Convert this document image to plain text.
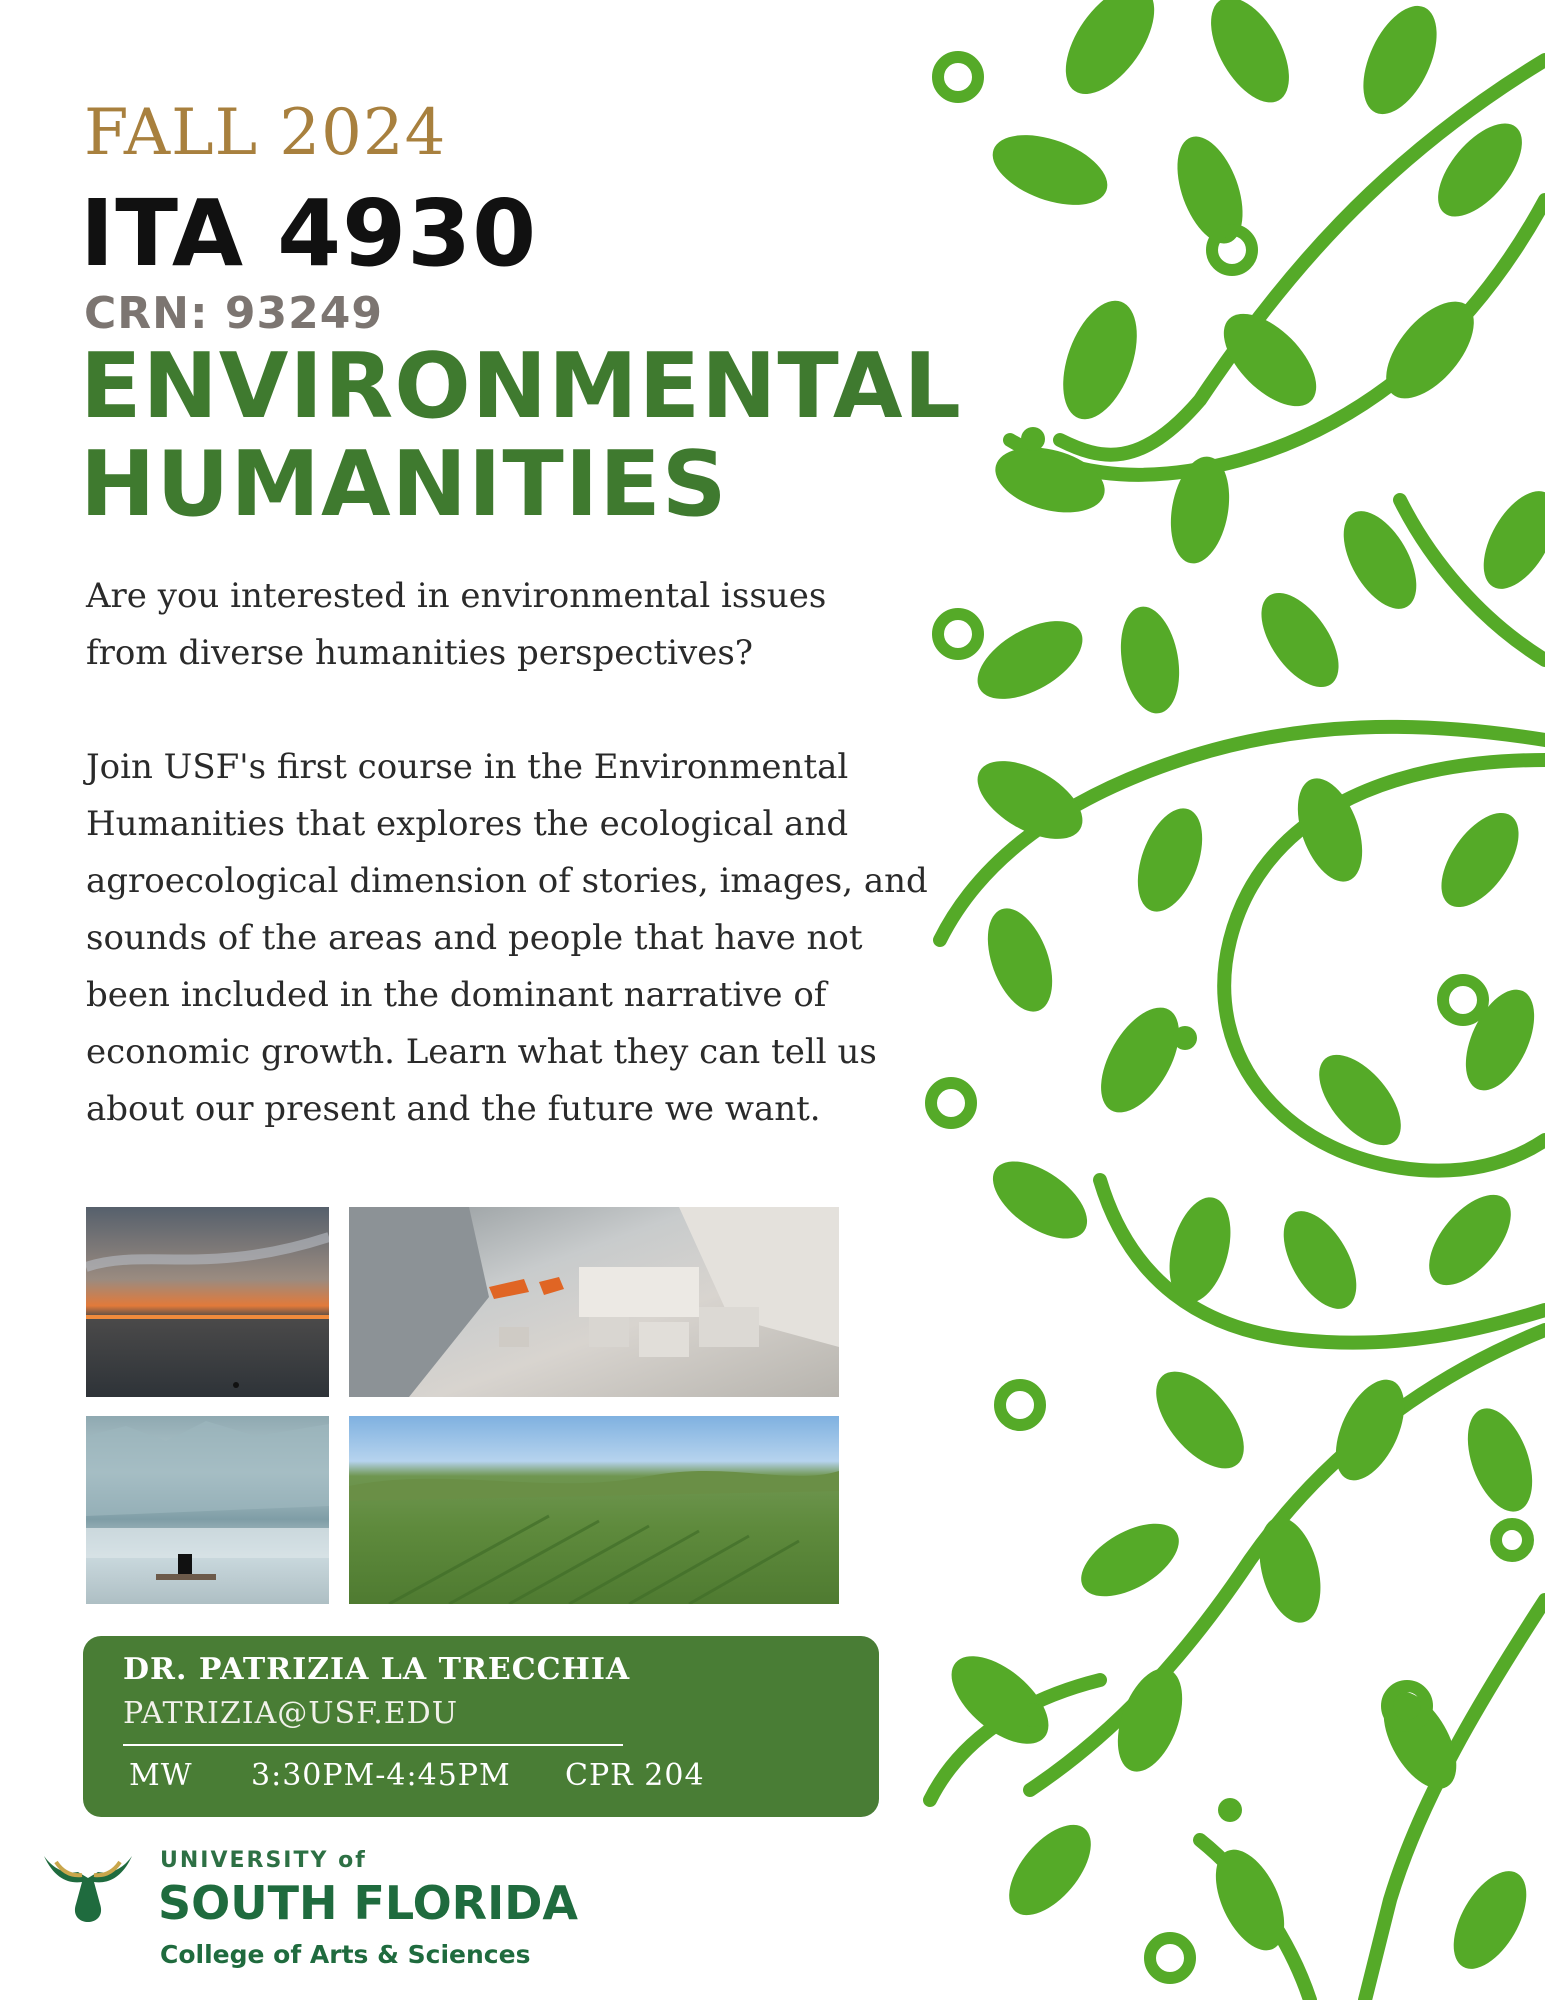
FALL 2024
ITA 4930
CRN: 93249
ENVIRONMENTAL
HUMANITIES
Are you interested in environmental issues
from diverse humanities perspectives?
Join USF's first course in the Environmental
Humanities that explores the ecological and
agroecological dimension of stories, images, and
sounds of the areas and people that have not
been included in the dominant narrative of
economic growth. Learn what they can tell us
about our present and the future we want.
DR. PATRIZIA LA TRECCHIA
PATRIZIA@USF.EDU
MW 3:30PM-4:45PM CPR 204
UNIVERSITY of
SOUTH FLORIDA
College of Arts & Sciences
